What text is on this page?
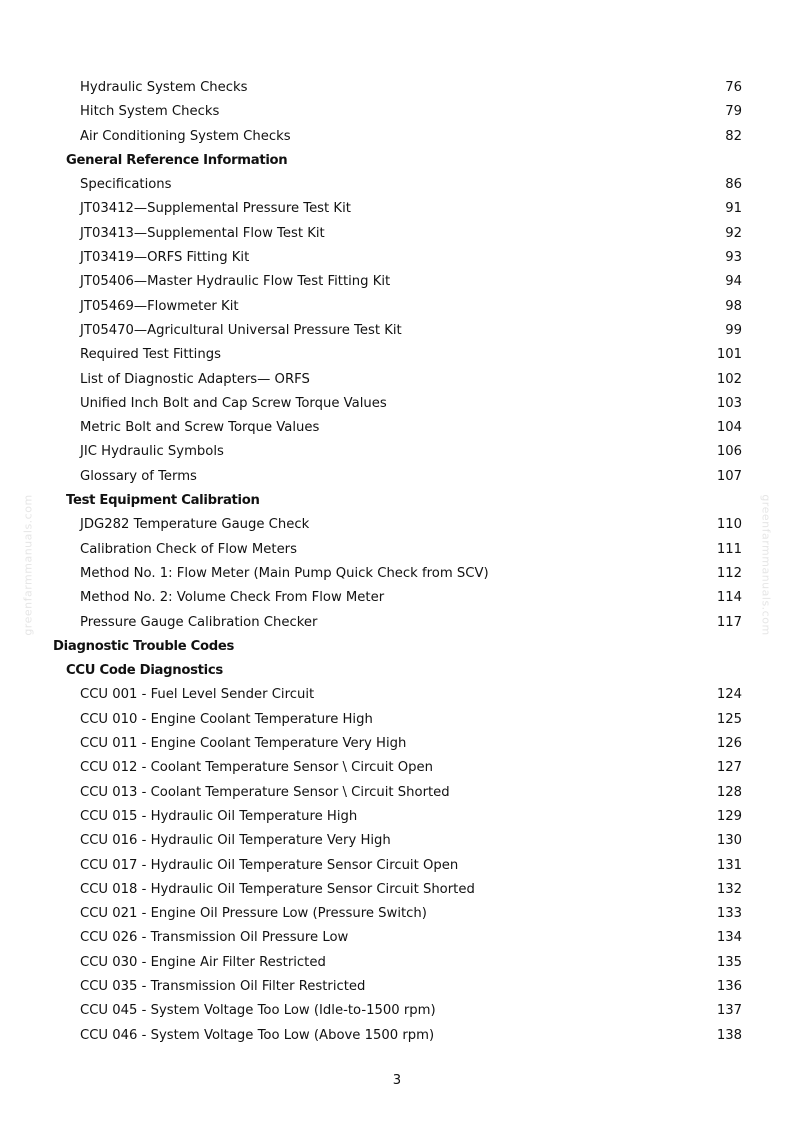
Hydraulic System Checks	76
Hitch System Checks	79
Air Conditioning System Checks	82
General Reference Information
Specifications	86
JT03412—Supplemental Pressure Test Kit	91
JT03413—Supplemental Flow Test Kit	92
JT03419—ORFS Fitting Kit	93
JT05406—Master Hydraulic Flow Test Fitting Kit	94
JT05469—Flowmeter Kit	98
JT05470—Agricultural Universal Pressure Test Kit	99
Required Test Fittings	101
List of Diagnostic Adapters— ORFS	102
Unified Inch Bolt and Cap Screw Torque Values	103
Metric Bolt and Screw Torque Values	104
JIC Hydraulic Symbols	106
Glossary of Terms	107
Test Equipment Calibration
JDG282 Temperature Gauge Check	110
Calibration Check of Flow Meters	111
Method No. 1: Flow Meter (Main Pump Quick Check from SCV)	112
Method No. 2: Volume Check From Flow Meter	114
Pressure Gauge Calibration Checker	117
Diagnostic Trouble Codes
CCU Code Diagnostics
CCU 001 - Fuel Level Sender Circuit	124
CCU 010 - Engine Coolant Temperature High	125
CCU 011 - Engine Coolant Temperature Very High	126
CCU 012 - Coolant Temperature Sensor \ Circuit Open	127
CCU 013 - Coolant Temperature Sensor \ Circuit Shorted	128
CCU 015 - Hydraulic Oil Temperature High	129
CCU 016 - Hydraulic Oil Temperature Very High	130
CCU 017 - Hydraulic Oil Temperature Sensor Circuit Open	131
CCU 018 - Hydraulic Oil Temperature Sensor Circuit Shorted	132
CCU 021 - Engine Oil Pressure Low (Pressure Switch)	133
CCU 026 - Transmission Oil Pressure Low	134
CCU 030 - Engine Air Filter Restricted	135
CCU 035 - Transmission Oil Filter Restricted	136
CCU 045 - System Voltage Too Low (Idle-to-1500 rpm)	137
CCU 046 - System Voltage Too Low (Above 1500 rpm)	138
greenfarmmanuals.com	greenfarmmanuals.com
3
